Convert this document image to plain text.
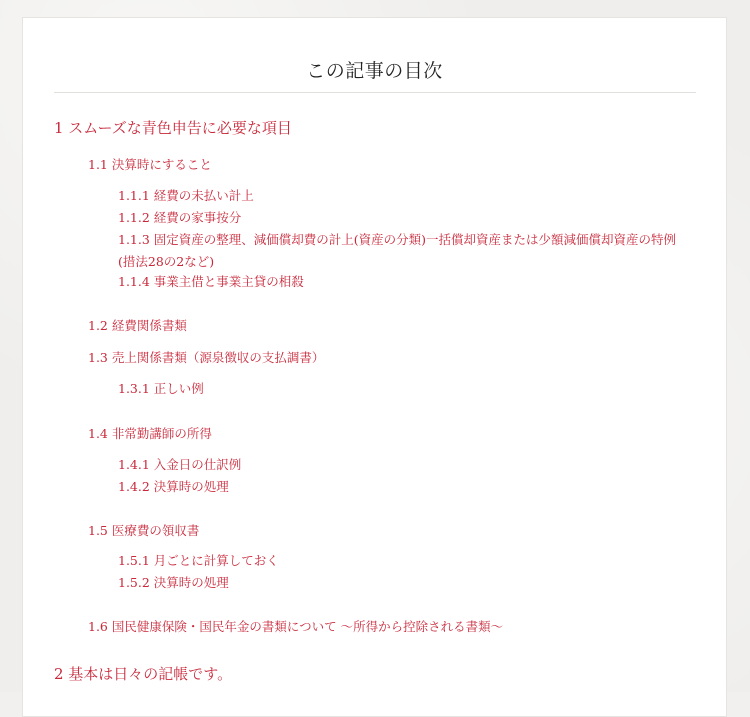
この記事の目次
1 スムーズな青色申告に必要な項目
1.1 決算時にすること
1.1.1 経費の未払い計上
1.1.2 経費の家事按分
1.1.3 固定資産の整理、減価償却費の計上(資産の分類)一括償却資産または少額減価償却資産の特例(措法28の2など)
1.1.4 事業主借と事業主貸の相殺
1.2 経費関係書類
1.3 売上関係書類（源泉徴収の支払調書）
1.3.1 正しい例
1.4 非常勤講師の所得
1.4.1 入金日の仕訳例
1.4.2 決算時の処理
1.5 医療費の領収書
1.5.1 月ごとに計算しておく
1.5.2 決算時の処理
1.6 国民健康保険・国民年金の書類について 〜所得から控除される書類〜
2 基本は日々の記帳です。
